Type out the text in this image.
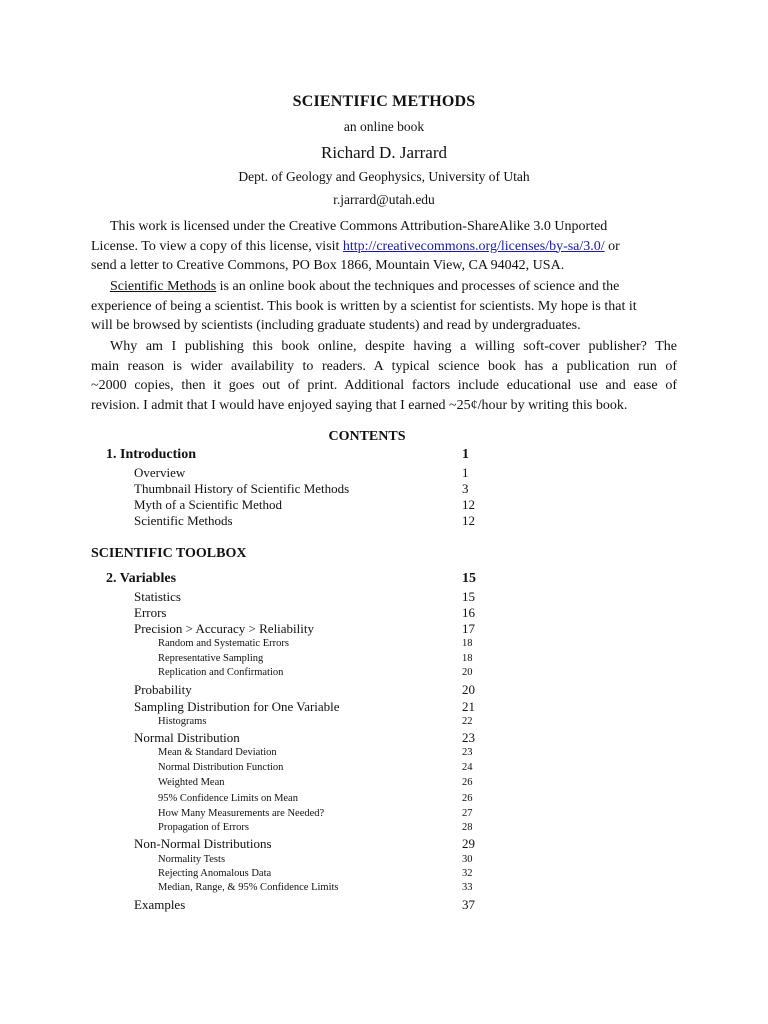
SCIENTIFIC METHODS
an online book
Richard D. Jarrard
Dept. of Geology and Geophysics, University of Utah
r.jarrard@utah.edu
This work is licensed under the Creative Commons Attribution-ShareAlike 3.0 Unported
License. To view a copy of this license, visit http://creativecommons.org/licenses/by-sa/3.0/ or
send a letter to Creative Commons, PO Box 1866, Mountain View, CA 94042, USA.
Scientific Methods is an online book about the techniques and processes of science and the
experience of being a scientist. This book is written by a scientist for scientists. My hope is that it
will be browsed by scientists (including graduate students) and read by undergraduates.
Why am I publishing this book online, despite having a willing soft-cover publisher? The
main reason is wider availability to readers. A typical science book has a publication run of
~2000 copies, then it goes out of print. Additional factors include educational use and ease of
revision. I admit that I would have enjoyed saying that I earned ~25¢/hour by writing this book.
CONTENTS
1. Introduction	1
Overview	1
Thumbnail History of Scientific Methods	3
Myth of a Scientific Method	12
Scientific Methods	12
SCIENTIFIC TOOLBOX
2. Variables	15
Statistics	15
Errors	16
Precision > Accuracy > Reliability	17
Random and Systematic Errors	18
Representative Sampling	18
Replication and Confirmation	20
Probability	20
Sampling Distribution for One Variable	21
Histograms	22
Normal Distribution	23
Mean & Standard Deviation	23
Normal Distribution Function	24
Weighted Mean	26
95% Confidence Limits on Mean	26
How Many Measurements are Needed?	27
Propagation of Errors	28
Non-Normal Distributions	29
Normality Tests	30
Rejecting Anomalous Data	32
Median, Range, & 95% Confidence Limits	33
Examples	37
